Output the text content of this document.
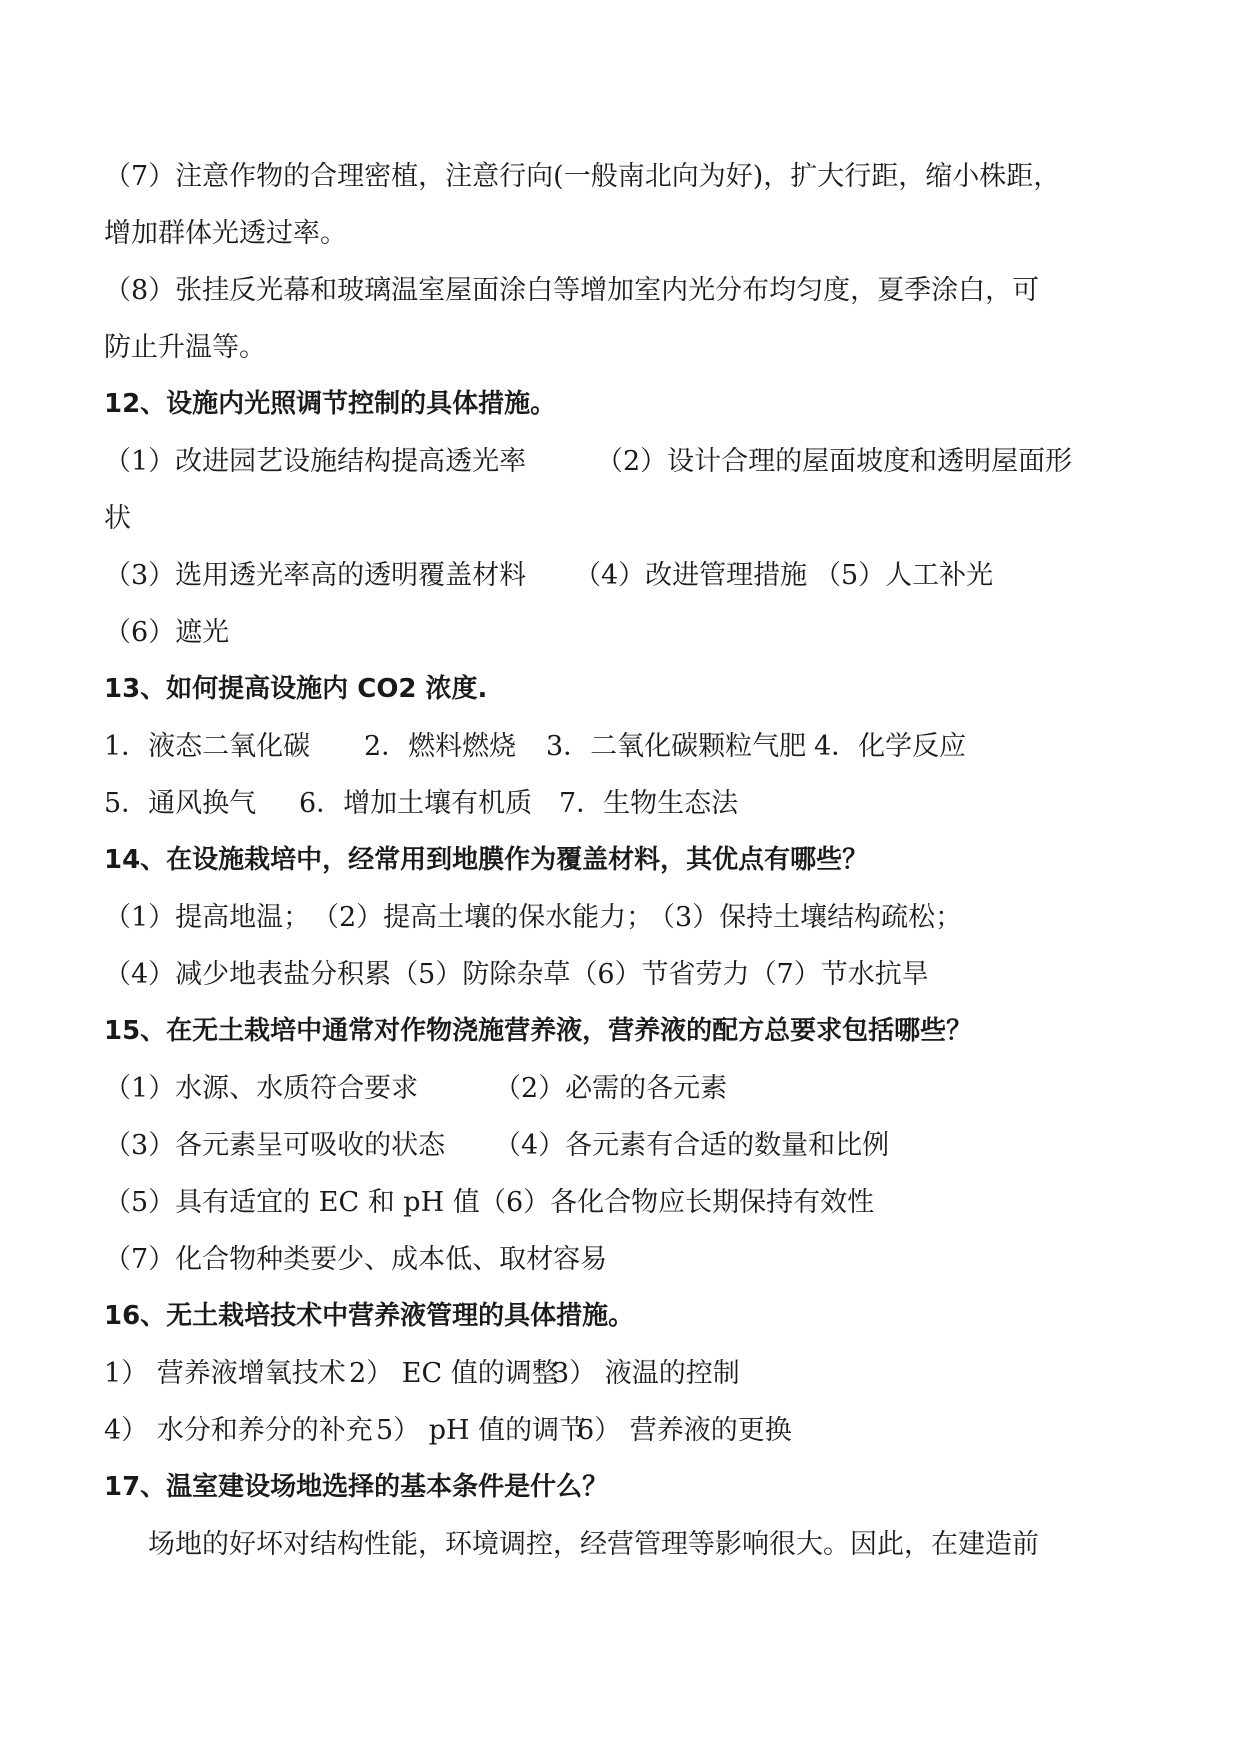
（7）注意作物的合理密植，注意行向(一般南北向为好)，扩大行距，缩小株距，
增加群体光透过率。
（8）张挂反光幕和玻璃温室屋面涂白等增加室内光分布均匀度，夏季涂白，可
防止升温等。
12、设施内光照调节控制的具体措施。
（1）改进园艺设施结构提高透光率	（2）设计合理的屋面坡度和透明屋面形
状
（3）选用透光率高的透明覆盖材料	（4）改进管理措施 （5）人工补光
（6）遮光
13、如何提高设施内 CO2 浓度.
1．液态二氧化碳	2．燃料燃烧	3．二氧化碳颗粒气肥 4．化学反应
5．通风换气	6．增加土壤有机质 7．生物生态法
14、在设施栽培中，经常用到地膜作为覆盖材料，其优点有哪些？
（1）提高地温； （2）提高土壤的保水能力；
（3）保持土壤结构疏松；
（4）减少地表盐分积累 （5）防除杂草 （6）节省劳力 （7）节水抗旱
15、在无土栽培中通常对作物浇施营养液，营养液的配方总要求包括哪些？
（1）水源、水质符合要求	（2）必需的各元素
（3）各元素呈可吸收的状态	（4）各元素有合适的数量和比例
（5）具有适宜的 EC 和 pH 值 （6）各化合物应长期保持有效性
（7）化合物种类要少、成本低、取材容易
16、无土栽培技术中营养液管理的具体措施。
1） 营养液增氧技术 2） EC 值的调整
3） 液温的控制
4） 水分和养分的补充 5） pH 值的调节
6） 营养液的更换
17、温室建设场地选择的基本条件是什么？
场地的好坏对结构性能，环境调控，经营管理等影响很大。因此，在建造前
